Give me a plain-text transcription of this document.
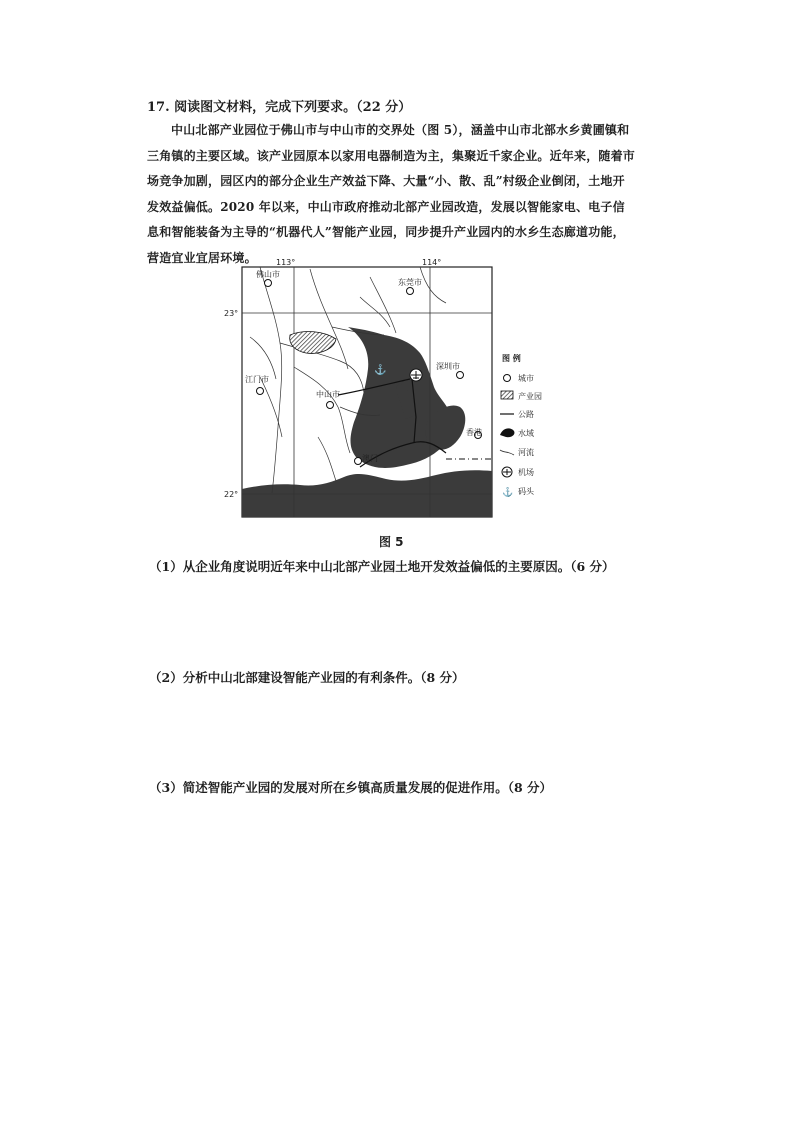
17. 阅读图文材料，完成下列要求。（22 分）
中山北部产业园位于佛山市与中山市的交界处（图 5），涵盖中山市北部水乡黄圃镇和三角镇的主要区域。该产业园原本以家用电器制造为主，集聚近千家企业。近年来，随着市场竞争加剧，园区内的部分企业生产效益下降、大量“小、散、乱”村级企业倒闭，土地开发效益偏低。2020 年以来，中山市政府推动北部产业园改造，发展以智能家电、电子信息和智能装备为主导的“机器代人”智能产业园，同步提升产业园内的水乡生态廊道功能，营造宜业宜居环境。
佛山市
东莞市
江门市
中山市
深圳市
香港
澳门
⚓
113°	114°
23°
22°
图 例
城市
产业园
公路
水域
河流
机场
⚓ 码头
图 5
（1）从企业角度说明近年来中山北部产业园土地开发效益偏低的主要原因。（6 分）
（2）分析中山北部建设智能产业园的有利条件。（8 分）
（3）简述智能产业园的发展对所在乡镇高质量发展的促进作用。（8 分）
